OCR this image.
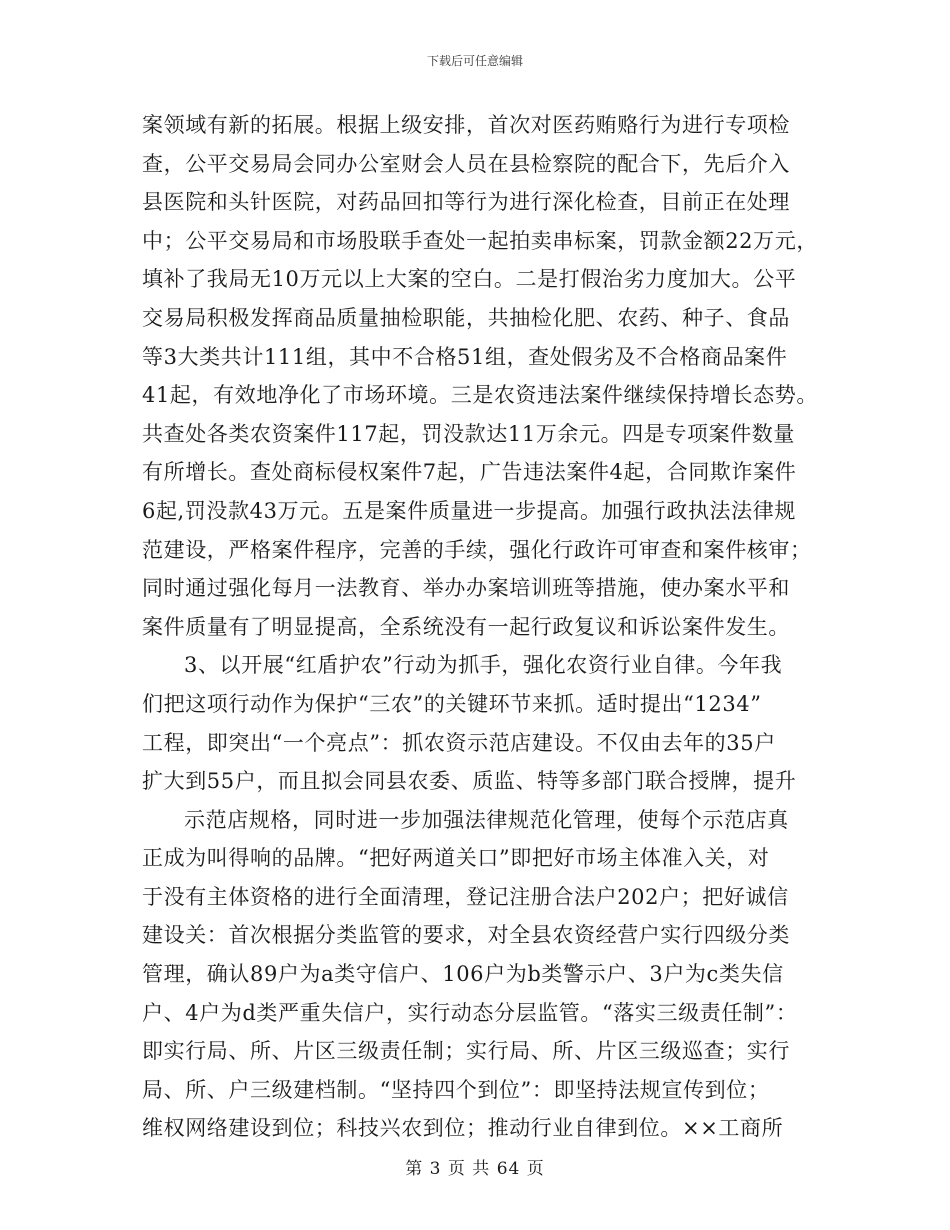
下载后可任意编辑
案领域有新的拓展。根据上级安排，首次对医药贿赂行为进行专项检
查，公平交易局会同办公室财会人员在县检察院的配合下，先后介入
县医院和头针医院，对药品回扣等行为进行深化检查，目前正在处理
中；公平交易局和市场股联手查处一起拍卖串标案，罚款金额22万元，
填补了我局无10万元以上大案的空白。二是打假治劣力度加大。公平
交易局积极发挥商品质量抽检职能，共抽检化肥、农药、种子、食品
等3大类共计111组，其中不合格51组，查处假劣及不合格商品案件
41起，有效地净化了市场环境。三是农资违法案件继续保持增长态势。
共查处各类农资案件117起，罚没款达11万余元。四是专项案件数量
有所增长。查处商标侵权案件7起，广告违法案件4起，合同欺诈案件
6起,罚没款43万元。五是案件质量进一步提高。加强行政执法法律规
范建设，严格案件程序，完善的手续，强化行政许可审查和案件核审；
同时通过强化每月一法教育、举办办案培训班等措施，使办案水平和
案件质量有了明显提高，全系统没有一起行政复议和诉讼案件发生。
3、以开展“红盾护农”行动为抓手，强化农资行业自律。今年我
们把这项行动作为保护“三农”的关键环节来抓。适时提出“1234”
工程，即突出“一个亮点”：抓农资示范店建设。不仅由去年的35户
扩大到55户，而且拟会同县农委、质监、特等多部门联合授牌，提升
示范店规格，同时进一步加强法律规范化管理，使每个示范店真
正成为叫得响的品牌。“把好两道关口”即把好市场主体准入关，对
于没有主体资格的进行全面清理，登记注册合法户202户；把好诚信
建设关：首次根据分类监管的要求，对全县农资经营户实行四级分类
管理，确认89户为a类守信户、106户为b类警示户、3户为c类失信
户、4户为d类严重失信户，实行动态分层监管。“落实三级责任制”：
即实行局、所、片区三级责任制；实行局、所、片区三级巡查；实行
局、所、户三级建档制。“坚持四个到位”：即坚持法规宣传到位；
维权网络建设到位；科技兴农到位；推动行业自律到位。××工商所
第 3 页 共 64 页
